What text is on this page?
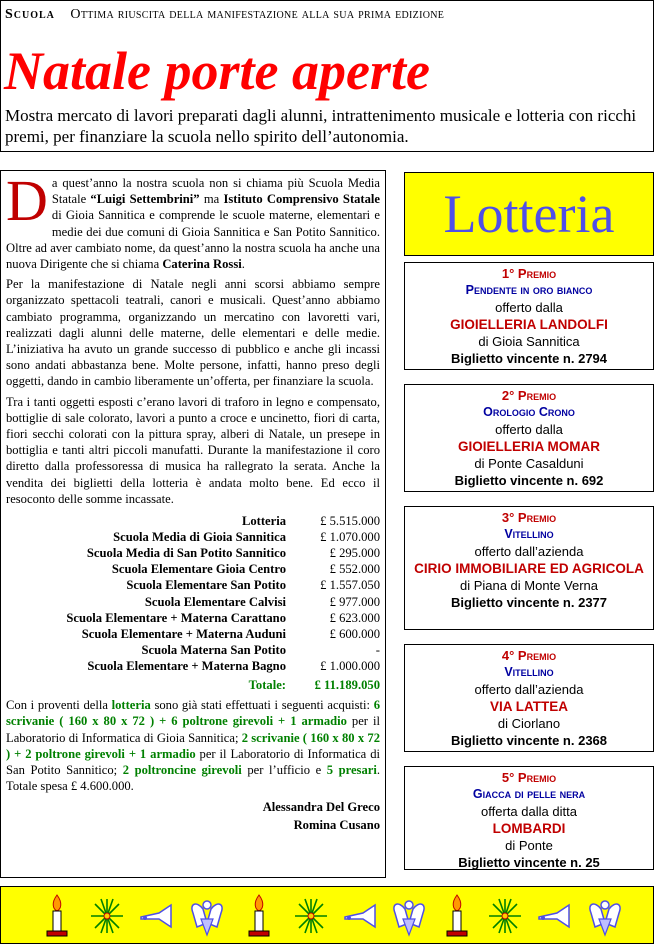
Scuola Ottima riuscita della manifestazione alla sua prima edizione
Natale porte aperte
Mostra mercato di lavori preparati dagli alunni, intrattenimento musicale e lotteria con ricchi premi, per finanziare la scuola nello spirito dell’autonomia.

Da quest’anno la nostra scuola non si chiama più Scuola Media Statale “Luigi Settembrini” ma Istituto Comprensivo Statale di Gioia Sannitica e comprende le scuole materne, elementari e medie dei due comuni di Gioia Sannitica e San Potito Sannitico. Oltre ad aver cambiato nome, da quest’anno la nostra scuola ha anche una nuova Dirigente che si chiama Caterina Rossi.

Per la manifestazione di Natale negli anni scorsi abbiamo sempre organizzato spettacoli teatrali, canori e musicali. Quest’anno abbiamo cambiato programma, organizzando un mercatino con lavoretti vari, realizzati dagli alunni delle materne, delle elementari e delle medie. L’iniziativa ha avuto un grande successo di pubblico e anche gli incassi sono andati abbastanza bene. Molte persone, infatti, hanno preso degli oggetti, dando in cambio liberamente un’offerta, per finanziare la scuola.

Tra i tanti oggetti esposti c’erano lavori di traforo in legno e compensato, bottiglie di sale colorato, lavori a punto a croce e uncinetto, fiori di carta, fiori secchi colorati con la pittura spray, alberi di Natale, un presepe in bottiglia e tanti altri piccoli manufatti. Durante la manifestazione il coro diretto dalla professoressa di musica ha rallegrato la serata. Anche la vendita dei biglietti della lotteria è andata molto bene. Ed ecco il resoconto delle somme incassate.

Lotteria	£ 5.515.000
Scuola Media di Gioia Sannitica	£ 1.070.000
Scuola Media di San Potito Sannitico	£ 295.000
Scuola Elementare Gioia Centro	£ 552.000
Scuola Elementare San Potito	£ 1.557.050
Scuola Elementare Calvisi	£ 977.000
Scuola Elementare + Materna Carattano	£ 623.000
Scuola Elementare + Materna Auduni	£ 600.000
Scuola Materna San Potito	-
Scuola Elementare + Materna Bagno	£ 1.000.000
Totale:	£ 11.189.050

Con i proventi della lotteria sono già stati effettuati i seguenti acquisti: 6 scrivanie ( 160 x 80 x 72 ) + 6 poltrone girevoli + 1 armadio per il Laboratorio di Informatica di Gioia Sannitica; 2 scrivanie ( 160 x 80 x 72 ) + 2 poltrone girevoli + 1 armadio per il Laboratorio di Informatica di San Potito Sannitico; 2 poltroncine girevoli per l’ufficio e 5 presari. Totale spesa £ 4.600.000.

Alessandra Del Greco
Romina Cusano
Lotteria
1° Premio
Pendente in oro bianco
offerto dalla
GIOIELLERIA LANDOLFI
di Gioia Sannitica
Biglietto vincente n. 2794
2° Premio
Orologio Crono
offerto dalla
GIOIELLERIA MOMAR
di Ponte Casalduni
Biglietto vincente n. 692
3° Premio
Vitellino
offerto dall’azienda
CIRIO IMMOBILIARE ED AGRICOLA
di Piana di Monte Verna
Biglietto vincente n. 2377
4° Premio
Vitellino
offerto dall’azienda
VIA LATTEA
di Ciorlano
Biglietto vincente n. 2368
5° Premio
Giacca di pelle nera
offerta dalla ditta
LOMBARDI
di Ponte
Biglietto vincente n. 25
